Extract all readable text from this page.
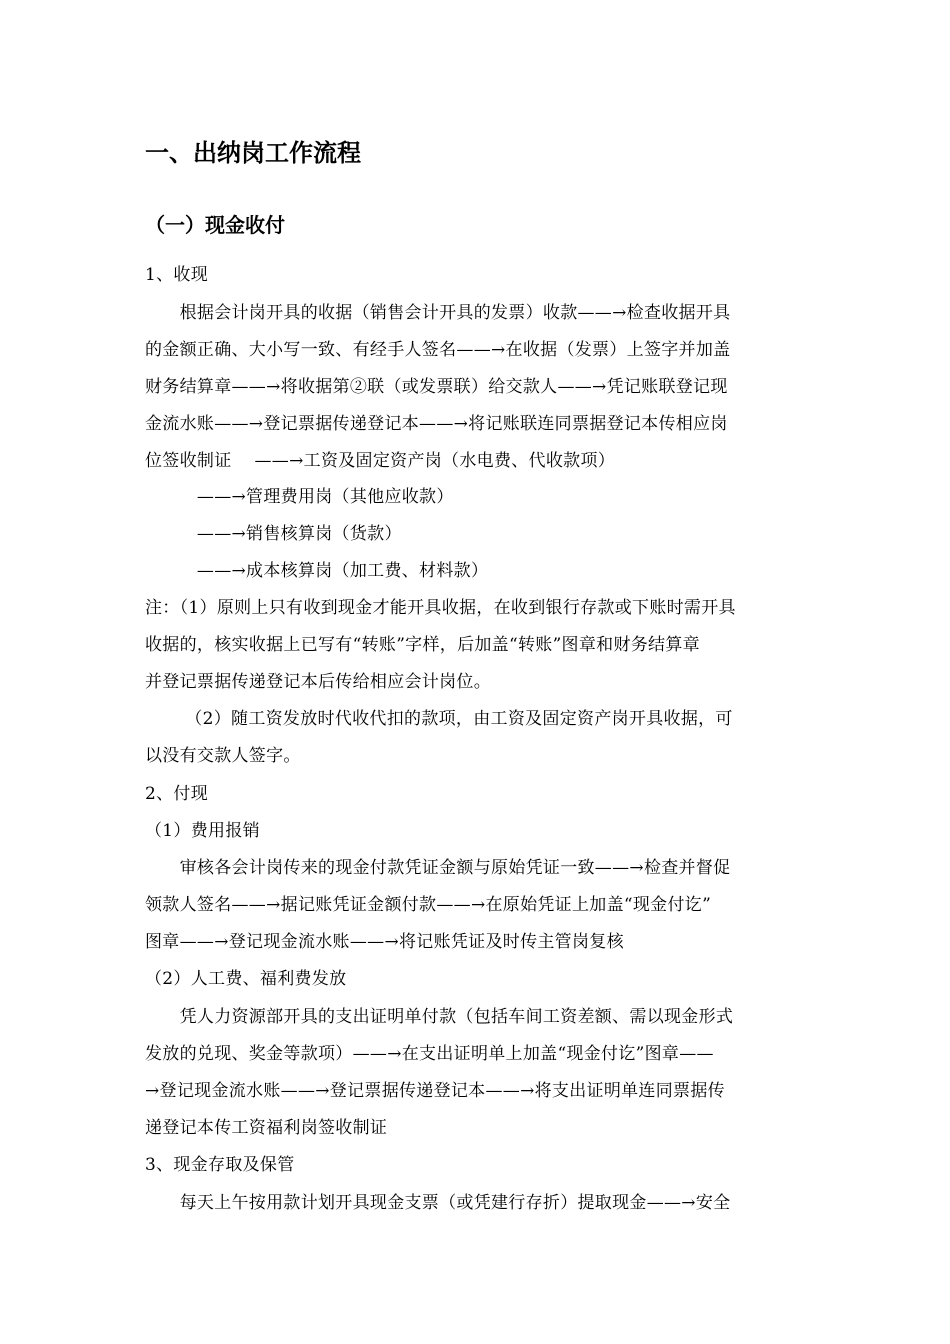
一、出纳岗工作流程
（一）现金收付
1、收现
　　根据会计岗开具的收据（销售会计开具的发票）收款——→检查收据开具
的金额正确、大小写一致、有经手人签名——→在收据（发票）上签字并加盖
财务结算章——→将收据第②联（或发票联）给交款人——→凭记账联登记现
金流水账——→登记票据传递登记本——→将记账联连同票据登记本传相应岗
位签收制证　 ——→工资及固定资产岗（水电费、代收款项）
　　　——→管理费用岗（其他应收款）
　　　——→销售核算岗（货款）
　　　——→成本核算岗（加工费、材料款）
注：（1）原则上只有收到现金才能开具收据，在收到银行存款或下账时需开具
收据的，核实收据上已写有“转账”字样，后加盖“转账”图章和财务结算章
并登记票据传递登记本后传给相应会计岗位。
　　 （2）随工资发放时代收代扣的款项，由工资及固定资产岗开具收据，可
以没有交款人签字。
2、付现
（1）费用报销
　　审核各会计岗传来的现金付款凭证金额与原始凭证一致——→检查并督促
领款人签名——→据记账凭证金额付款——→在原始凭证上加盖“现金付讫”
图章——→登记现金流水账——→将记账凭证及时传主管岗复核
（2）人工费、福利费发放
　　凭人力资源部开具的支出证明单付款（包括车间工资差额、需以现金形式
发放的兑现、奖金等款项）——→在支出证明单上加盖“现金付讫”图章——
→登记现金流水账——→登记票据传递登记本——→将支出证明单连同票据传
递登记本传工资福利岗签收制证
3、现金存取及保管
　　每天上午按用款计划开具现金支票（或凭建行存折）提取现金——→安全
